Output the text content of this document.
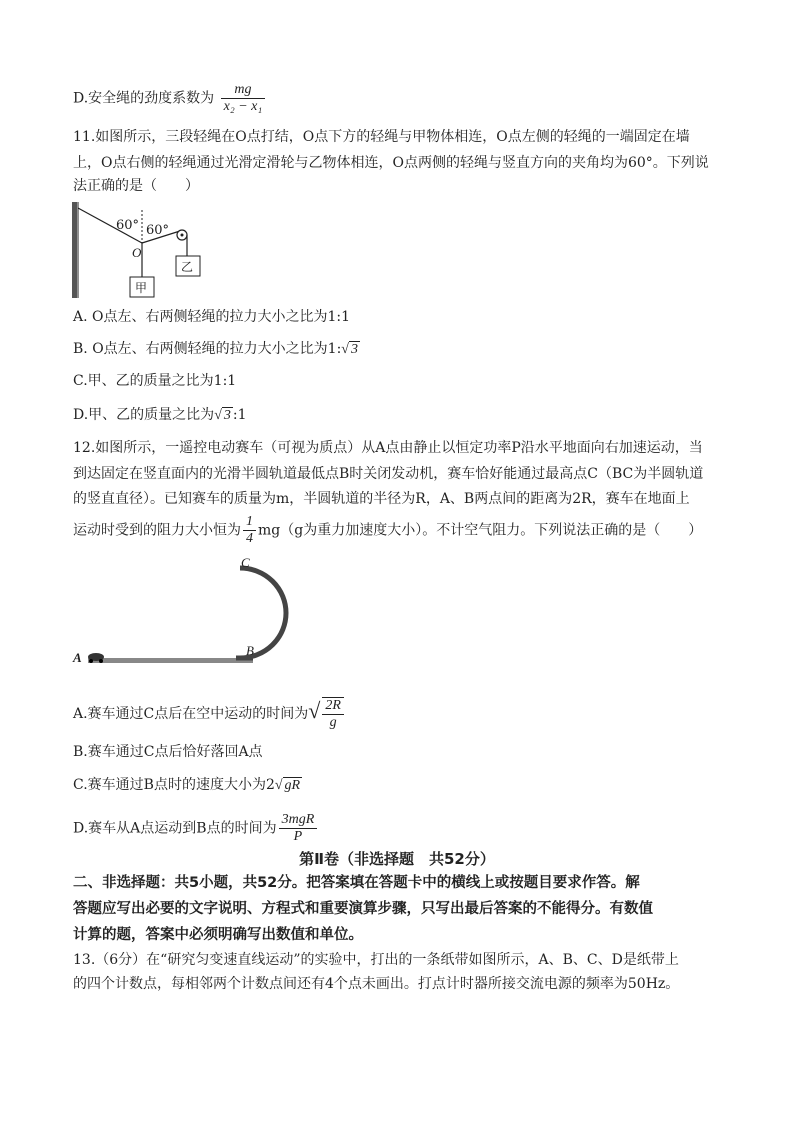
D.安全绳的劲度系数为 $\frac{mg}{\text{x₂ − x₁}}$
11.如图所示，三段轻绳在O点打结，O点下方的轻绳与甲物体相连，O点左侧的轻绳的一端固定在墙
上，O点右侧的轻绳通过光滑定滑轮与乙物体相连，O点两侧的轻绳与竖直方向的夹角均为60°。下列说
法正确的是（　　）
60° 60°
O
甲
乙
A. O点左、右两侧轻绳的拉力大小之比为1:1
B. O点左、右两侧轻绳的拉力大小之比为1:√ 3
C.甲、乙的质量之比为1:1
D.甲、乙的质量之比为√ 3 :1
12.如图所示，一遥控电动赛车（可视为质点）从A点由静止以恒定功率P沿水平地面向右加速运动，当
到达固定在竖直面内的光滑半圆轨道最低点B时关闭发动机，赛车恰好能通过最高点C（BC为半圆轨道
的竖直直径）。已知赛车的质量为m，半圆轨道的半径为R，A、B两点间的距离为2R，赛车在地面上
运动时受到的阻力大小恒为 $\frac{1}{4} mg(g$为重力加速度大小）。不计空气阻力。下列说法正确的是（　　）
A	B
C
A.赛车通过C点后在空中运动的时间为√ $\frac{2R}{g}$
B.赛车通过C点后恰好落回A点
C.赛车通过B点时的速度大小为2√ gR
D.赛车从A点运动到B点的时间为 $\frac{\text{3mgR}}{P}$
第Ⅱ卷（非选择题　共52分）
二、非选择题：共5小题，共52分。把答案填在答题卡中的横线上或按题目要求作答。解
答题应写出必要的文字说明、方程式和重要演算步骤，只写出最后答案的不能得分。有数值
计算的题，答案中必须明确写出数值和单位。
13.（6分）在“研究匀变速直线运动”的实验中，打出的一条纸带如图所示，A、B、C、D是纸带上
的四个计数点，每相邻两个计数点间还有4个点未画出。打点计时器所接交流电源的频率为50Hz。
